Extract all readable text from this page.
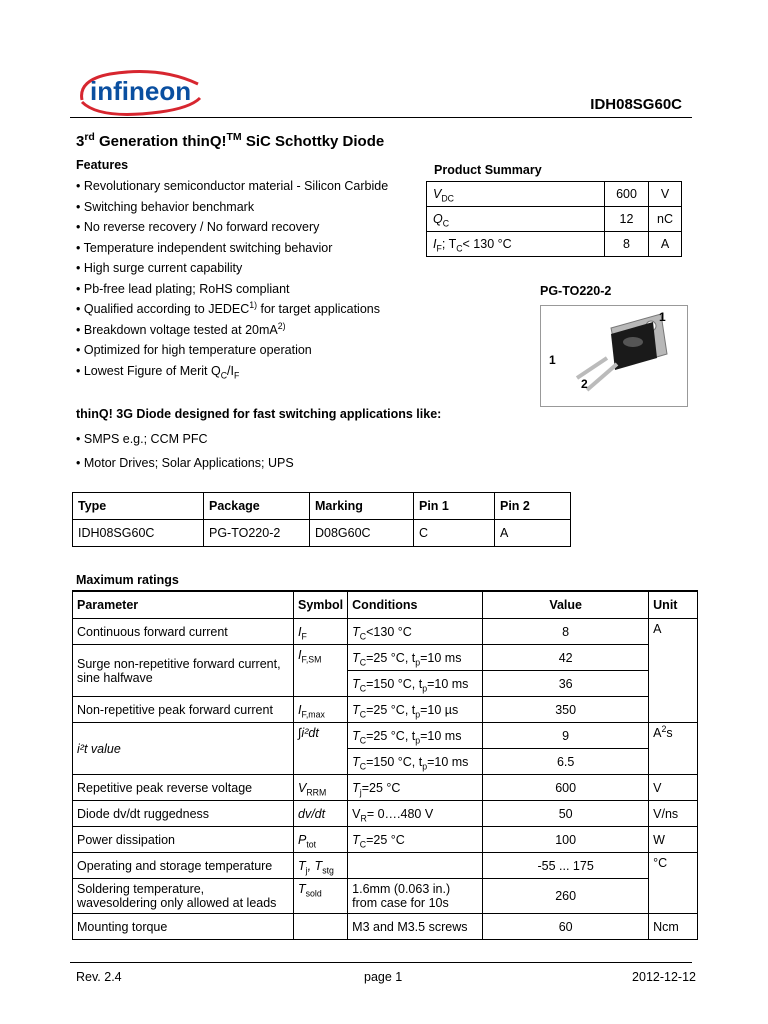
infineon	IDH08SG60C
3rd Generation thinQ!™ SiC Schottky Diode
Features
• Revolutionary semiconductor material - Silicon Carbide
• Switching behavior benchmark
• No reverse recovery / No forward recovery
• Temperature independent switching behavior
• High surge current capability
• Pb-free lead plating; RoHS compliant
• Qualified according to JEDEC$^{1)}$ for target applications
• Breakdown voltage tested at $20mA^{2)}$
• Optimized for high temperature operation
• Lowest Figure of Merit $Q_C/I_F$
Product Summary
$V_{DC}$	600	V
$Q_C$	12	nC
$I_F$; $T_C< 130$ °C	8	A
PG-TO220-2
1
1
2
thinQ! 3G Diode designed for fast switching applications like:
• SMPS e.g.; CCM PFC
• Motor Drives; Solar Applications; UPS
Type	Package	Marking	Pin 1	Pin 2
IDH08SG60C	PG-TO220-2	D08G60C	C	A
Maximum ratings
Parameter	Symbol	Conditions	Value	Unit
Continuous forward current	$I_F$	$T_C<130$ °C	8	A
Surge non-repetitive forward current,
sine halfwave	$I_{F,SM}$	$T_C=25$ °C, $t_p=10$ ms	42	
		$T_C=150$ °C, $t_p=10$ ms	36	
Non-repetitive peak forward current	$I_{F,max}$	$T_C=25$ °C, $t_p=10$ µs	350	
i²t value	∫i²dt	$T_C=25$ °C, $t_p=10$ ms	9	$A^2s$
		$T_C=150$ °C, $t_p=10$ ms	6.5	
Repetitive peak reverse voltage	$V_{RRM}$	$T_j=25$ °C	600	V
Diode dv/dt ruggedness	dv/dt	$V_R=$ 0….480 V	50	V/ns
Power dissipation	$P_{tot}$	$T_C=25$ °C	100	W
Operating and storage temperature	$T_j$, $T_{stg}$		-55 ... 175	°C
Soldering temperature,
wavesoldering only allowed at leads	$T_{sold}$	1.6mm (0.063 in.)
from case for 10s	260	
Mounting torque		M3 and M3.5 screws	60	Ncm
Rev. 2.4	page 1	2012-12-12
